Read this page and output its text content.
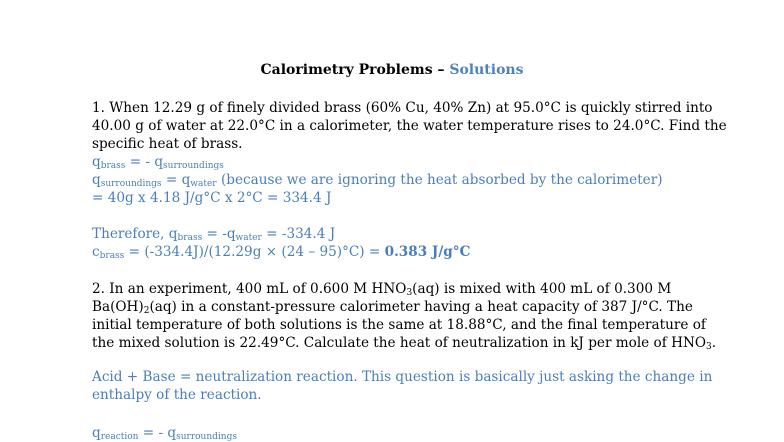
Calorimetry Problems – Solutions
1. When 12.29 g of finely divided brass (60% Cu, 40% Zn) at 95.0°C is quickly stirred into
40.00 g of water at 22.0°C in a calorimeter, the water temperature rises to 24.0°C. Find the
specific heat of brass.
$q_{brass}$ = - $q_{surroundings}$
$q_{surroundings} = q_{water}$ (because we are ignoring the heat absorbed by the calorimeter)
= 40g x 4.18 J/g°C x 2°C = 334.4 J
Therefore, $q_{brass} = -q_{water} = -334.4$ J
$c_{brass} = (-334.4J)/(12.29g \times (24 - 95)^\circ C) = 0.383$ J/g°C
2. In an experiment, 400 mL of 0.600 M $HNO_3(aq)$ is mixed with 400 mL of 0.300 M
$Ba(OH)_2(aq)$ in a constant-pressure calorimeter having a heat capacity of 387 J/°C. The
initial temperature of both solutions is the same at 18.88°C, and the final temperature of
the mixed solution is 22.49°C. Calculate the heat of neutralization in kJ per mole of $HNO_3$.
Acid + Base = neutralization reaction. This question is basically just asking the change in
enthalpy of the reaction.
$q_{reaction}$ = - $q_{surroundings}$
